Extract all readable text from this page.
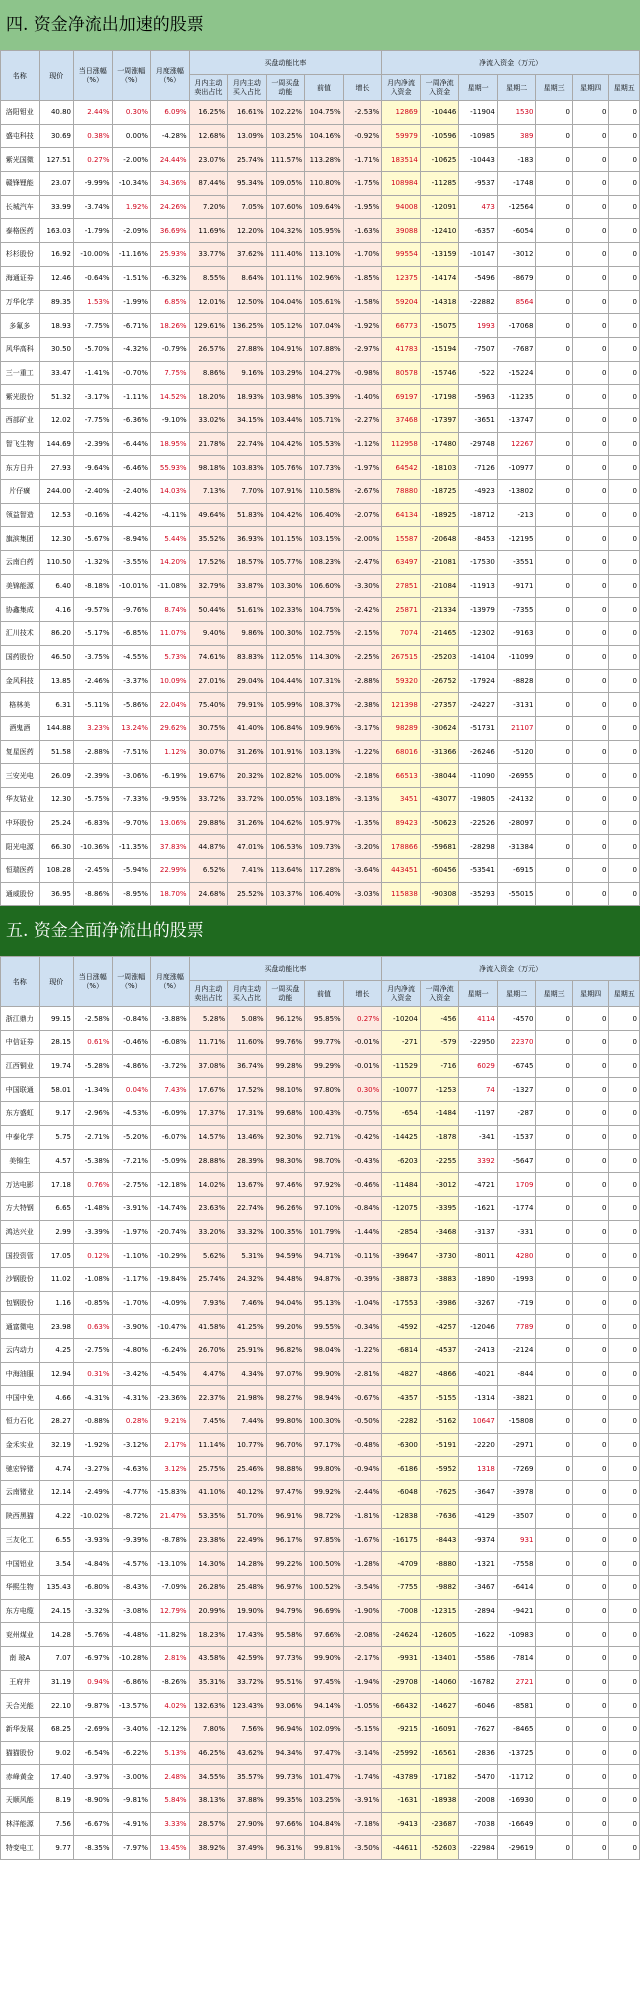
四. 资金净流出加速的股票
名称	现价	当日涨幅（%）	一周涨幅（%）	月度涨幅（%）	买盘动能比率					净流入资金（万元）						
					月内主动卖出占比	月内主动买入占比	一周买盘动能	前值	增长	月内净流入资金	一周净流入资金	星期一	星期二	星期三	星期四	星期五
洛阳钼业	40.80	2.44%	0.30%	6.09%	16.25%	16.61%	102.22%	104.75%	-2.53%	12869	-10446	-11904	1530	0	0	0
盛屯科技	30.69	0.38%	0.00%	-4.28%	12.68%	13.09%	103.25%	104.16%	-0.92%	59979	-10596	-10985	389	0	0	0
紫光国微	127.51	0.27%	-2.00%	24.44%	23.07%	25.74%	111.57%	113.28%	-1.71%	183514	-10625	-10443	-183	0	0	0
赣锋锂能	23.07	-9.99%	-10.34%	34.36%	87.44%	95.34%	109.05%	110.80%	-1.75%	108984	-11285	-9537	-1748	0	0	0
长城汽车	33.99	-3.74%	1.92%	24.26%	7.20%	7.05%	107.60%	109.64%	-1.95%	94008	-12091	473	-12564	0	0	0
泰格医药	163.03	-1.79%	-2.09%	36.69%	11.69%	12.20%	104.32%	105.95%	-1.63%	39088	-12410	-6357	-6054	0	0	0
杉杉股份	16.92	-10.00%	-11.16%	25.93%	33.77%	37.62%	111.40%	113.10%	-1.70%	99554	-13159	-10147	-3012	0	0	0
海通证券	12.46	-0.64%	-1.51%	-6.32%	8.55%	8.64%	101.11%	102.96%	-1.85%	12375	-14174	-5496	-8679	0	0	0
万华化学	89.35	1.53%	-1.99%	6.85%	12.01%	12.50%	104.04%	105.61%	-1.58%	59204	-14318	-22882	8564	0	0	0
多氟多	18.93	-7.75%	-6.71%	18.26%	129.61%	136.25%	105.12%	107.04%	-1.92%	66773	-15075	1993	-17068	0	0	0
风华高科	30.50	-5.70%	-4.32%	-0.79%	26.57%	27.88%	104.91%	107.88%	-2.97%	41783	-15194	-7507	-7687	0	0	0
三一重工	33.47	-1.41%	-0.70%	7.75%	8.86%	9.16%	103.29%	104.27%	-0.98%	80578	-15746	-522	-15224	0	0	0
紫光股份	51.32	-3.17%	-1.11%	14.52%	18.20%	18.93%	103.98%	105.39%	-1.40%	69197	-17198	-5963	-11235	0	0	0
西部矿业	12.02	-7.75%	-6.36%	-9.10%	33.02%	34.15%	103.44%	105.71%	-2.27%	37468	-17397	-3651	-13747	0	0	0
智飞生物	144.69	-2.39%	-6.44%	18.95%	21.78%	22.74%	104.42%	105.53%	-1.12%	112958	-17480	-29748	12267	0	0	0
东方日升	27.93	-9.64%	-6.46%	55.93%	98.18%	103.83%	105.76%	107.73%	-1.97%	64542	-18103	-7126	-10977	0	0	0
片仔癀	244.00	-2.40%	-2.40%	14.03%	7.13%	7.70%	107.91%	110.58%	-2.67%	78880	-18725	-4923	-13802	0	0	0
领益智造	12.53	-0.16%	-4.42%	-4.11%	49.64%	51.83%	104.42%	106.40%	-2.07%	64134	-18925	-18712	-213	0	0	0
旗滨集团	12.30	-5.67%	-8.94%	5.44%	35.52%	36.93%	101.15%	103.15%	-2.00%	15587	-20648	-8453	-12195	0	0	0
云南白药	110.50	-1.32%	-3.55%	14.20%	17.52%	18.57%	105.77%	108.23%	-2.47%	63497	-21081	-17530	-3551	0	0	0
美锦能源	6.40	-8.18%	-10.01%	-11.08%	32.79%	33.87%	103.30%	106.60%	-3.30%	27851	-21084	-11913	-9171	0	0	0
协鑫集成	4.16	-9.57%	-9.76%	8.74%	50.44%	51.61%	102.33%	104.75%	-2.42%	25871	-21334	-13979	-7355	0	0	0
汇川技术	86.20	-5.17%	-6.85%	11.07%	9.40%	9.86%	100.30%	102.75%	-2.15%	7074	-21465	-12302	-9163	0	0	0
国药股份	46.50	-3.75%	-4.55%	5.73%	74.61%	83.83%	112.05%	114.30%	-2.25%	267515	-25203	-14104	-11099	0	0	0
金风科技	13.85	-2.46%	-3.37%	10.09%	27.01%	29.04%	104.44%	107.31%	-2.88%	59320	-26752	-17924	-8828	0	0	0
格林美	6.31	-5.11%	-5.86%	22.04%	75.40%	79.91%	105.99%	108.37%	-2.38%	121398	-27357	-24227	-3131	0	0	0
酒鬼酒	144.88	3.23%	13.24%	29.62%	30.75%	41.40%	106.84%	109.96%	-3.17%	98289	-30624	-51731	21107	0	0	0
复星医药	51.58	-2.88%	-7.51%	1.12%	30.07%	31.26%	101.91%	103.13%	-1.22%	68016	-31366	-26246	-5120	0	0	0
三安光电	26.09	-2.39%	-3.06%	-6.19%	19.67%	20.32%	102.82%	105.00%	-2.18%	66513	-38044	-11090	-26955	0	0	0
华友钴业	12.30	-5.75%	-7.33%	-9.95%	33.72%	33.72%	100.05%	103.18%	-3.13%	3451	-43077	-19805	-24132	0	0	0
中环股份	25.24	-6.83%	-9.70%	13.06%	29.88%	31.26%	104.62%	105.97%	-1.35%	89423	-50623	-22526	-28097	0	0	0
阳光电源	66.30	-10.36%	-11.35%	37.83%	44.87%	47.01%	106.53%	109.73%	-3.20%	178866	-59681	-28298	-31384	0	0	0
恒瑞医药	108.28	-2.45%	-5.94%	22.99%	6.52%	7.41%	113.64%	117.28%	-3.64%	443451	-60456	-53541	-6915	0	0	0
通威股份	36.95	-8.86%	-8.95%	18.70%	24.68%	25.52%	103.37%	106.40%	-3.03%	115838	-90308	-35293	-55015	0	0	0
五. 资金全面净流出的股票
名称	现价	当日涨幅（%）	一周涨幅（%）	月度涨幅（%）	买盘动能比率					净流入资金（万元）						
					月内主动卖出占比	月内主动买入占比	一周买盘动能	前值	增长	月内净流入资金	一周净流入资金	星期一	星期二	星期三	星期四	星期五
浙江鼎力	99.15	-2.58%	-0.84%	-3.88%	5.28%	5.08%	96.12%	95.85%	0.27%	-10204	-456	4114	-4570	0	0	0
中信证券	28.15	0.61%	-0.46%	-6.08%	11.71%	11.60%	99.76%	99.77%	-0.01%	-271	-579	-22950	22370	0	0	0
江西铜业	19.74	-5.28%	-4.86%	-3.72%	37.08%	36.74%	99.28%	99.29%	-0.01%	-11529	-716	6029	-6745	0	0	0
中国联通	58.01	-1.34%	0.04%	7.43%	17.67%	17.52%	98.10%	97.80%	0.30%	-10077	-1253	74	-1327	0	0	0
东方盛虹	9.17	-2.96%	-4.53%	-6.09%	17.37%	17.31%	99.68%	100.43%	-0.75%	-654	-1484	-1197	-287	0	0	0
中泰化学	5.75	-2.71%	-5.20%	-6.07%	14.57%	13.46%	92.30%	92.71%	-0.42%	-14425	-1878	-341	-1537	0	0	0
美锦生	4.57	-5.38%	-7.21%	-5.09%	28.88%	28.39%	98.30%	98.70%	-0.43%	-6203	-2255	3392	-5647	0	0	0
万达电影	17.18	0.76%	-2.75%	-12.18%	14.02%	13.67%	97.46%	97.92%	-0.46%	-11484	-3012	-4721	1709	0	0	0
方大特钢	6.65	-1.48%	-3.91%	-14.74%	23.63%	22.74%	96.26%	97.10%	-0.84%	-12075	-3395	-1621	-1774	0	0	0
鸿达兴业	2.99	-3.39%	-1.97%	-20.74%	33.20%	33.32%	100.35%	101.79%	-1.44%	-2854	-3468	-3137	-331	0	0	0
国投资管	17.05	0.12%	-1.10%	-10.29%	5.62%	5.31%	94.59%	94.71%	-0.11%	-39647	-3730	-8011	4280	0	0	0
沙钢股份	11.02	-1.08%	-1.17%	-19.84%	25.74%	24.32%	94.48%	94.87%	-0.39%	-38873	-3883	-1890	-1993	0	0	0
包钢股份	1.16	-0.85%	-1.70%	-4.09%	7.93%	7.46%	94.04%	95.13%	-1.04%	-17553	-3986	-3267	-719	0	0	0
通富微电	23.98	0.63%	-3.90%	-10.47%	41.58%	41.25%	99.20%	99.55%	-0.34%	-4592	-4257	-12046	7789	0	0	0
云内动力	4.25	-2.75%	-4.80%	-6.24%	26.70%	25.91%	96.82%	98.04%	-1.22%	-6814	-4537	-2413	-2124	0	0	0
中海油服	12.94	0.31%	-3.42%	-4.54%	4.47%	4.34%	97.07%	99.90%	-2.81%	-4827	-4866	-4021	-844	0	0	0
中国中免	4.66	-4.31%	-4.31%	-23.36%	22.37%	21.98%	98.27%	98.94%	-0.67%	-4357	-5155	-1314	-3821	0	0	0
恒力石化	28.27	-0.88%	0.28%	9.21%	7.45%	7.44%	99.80%	100.30%	-0.50%	-2282	-5162	10647	-15808	0	0	0
金禾实业	32.19	-1.92%	-3.12%	2.17%	11.14%	10.77%	96.70%	97.17%	-0.48%	-6300	-5191	-2220	-2971	0	0	0
驰宏锌锗	4.74	-3.27%	-4.63%	3.12%	25.75%	25.46%	98.88%	99.80%	-0.94%	-6186	-5952	1318	-7269	0	0	0
云南锗业	12.14	-2.49%	-4.77%	-15.83%	41.10%	40.12%	97.47%	99.92%	-2.44%	-6048	-7625	-3647	-3978	0	0	0
陕西黑猫	4.22	-10.02%	-8.72%	21.47%	53.35%	51.70%	96.91%	98.72%	-1.81%	-12838	-7636	-4129	-3507	0	0	0
三友化工	6.55	-3.93%	-9.39%	-8.78%	23.38%	22.49%	96.17%	97.85%	-1.67%	-16175	-8443	-9374	931	0	0	0
中国铝业	3.54	-4.84%	-4.57%	-13.10%	14.30%	14.28%	99.22%	100.50%	-1.28%	-4709	-8880	-1321	-7558	0	0	0
华熙生物	135.43	-6.80%	-8.43%	-7.09%	26.28%	25.48%	96.97%	100.52%	-3.54%	-7755	-9882	-3467	-6414	0	0	0
东方电缆	24.15	-3.32%	-3.08%	12.79%	20.99%	19.90%	94.79%	96.69%	-1.90%	-7008	-12315	-2894	-9421	0	0	0
兖州煤业	14.28	-5.76%	-4.48%	-11.82%	18.23%	17.43%	95.58%	97.66%	-2.08%	-24624	-12605	-1622	-10983	0	0	0
南 玻A	7.07	-6.97%	-10.28%	2.81%	43.58%	42.59%	97.73%	99.90%	-2.17%	-9931	-13401	-5586	-7814	0	0	0
王府井	31.19	0.94%	-6.86%	-8.26%	35.31%	33.72%	95.51%	97.45%	-1.94%	-29708	-14060	-16782	2721	0	0	0
天合光能	22.10	-9.87%	-13.57%	4.02%	132.63%	123.43%	93.06%	94.14%	-1.05%	-66432	-14627	-6046	-8581	0	0	0
新华发展	68.25	-2.69%	-3.40%	-12.12%	7.80%	7.56%	96.94%	102.09%	-5.15%	-9215	-16091	-7627	-8465	0	0	0
猫猫股份	9.02	-6.54%	-6.22%	5.13%	46.25%	43.62%	94.34%	97.47%	-3.14%	-25992	-16561	-2836	-13725	0	0	0
赤峰黄金	17.40	-3.97%	-3.00%	2.48%	34.55%	35.57%	99.73%	101.47%	-1.74%	-43789	-17182	-5470	-11712	0	0	0
天顺风能	8.19	-8.90%	-9.81%	5.84%	38.13%	37.88%	99.35%	103.25%	-3.91%	-1631	-18938	-2008	-16930	0	0	0
林洋能源	7.56	-6.67%	-4.91%	3.33%	28.57%	27.90%	97.66%	104.84%	-7.18%	-9413	-23687	-7038	-16649	0	0	0
特变电工	9.77	-8.35%	-7.97%	13.45%	38.92%	37.49%	96.31%	99.81%	-3.50%	-44611	-52603	-22984	-29619	0	0	0
